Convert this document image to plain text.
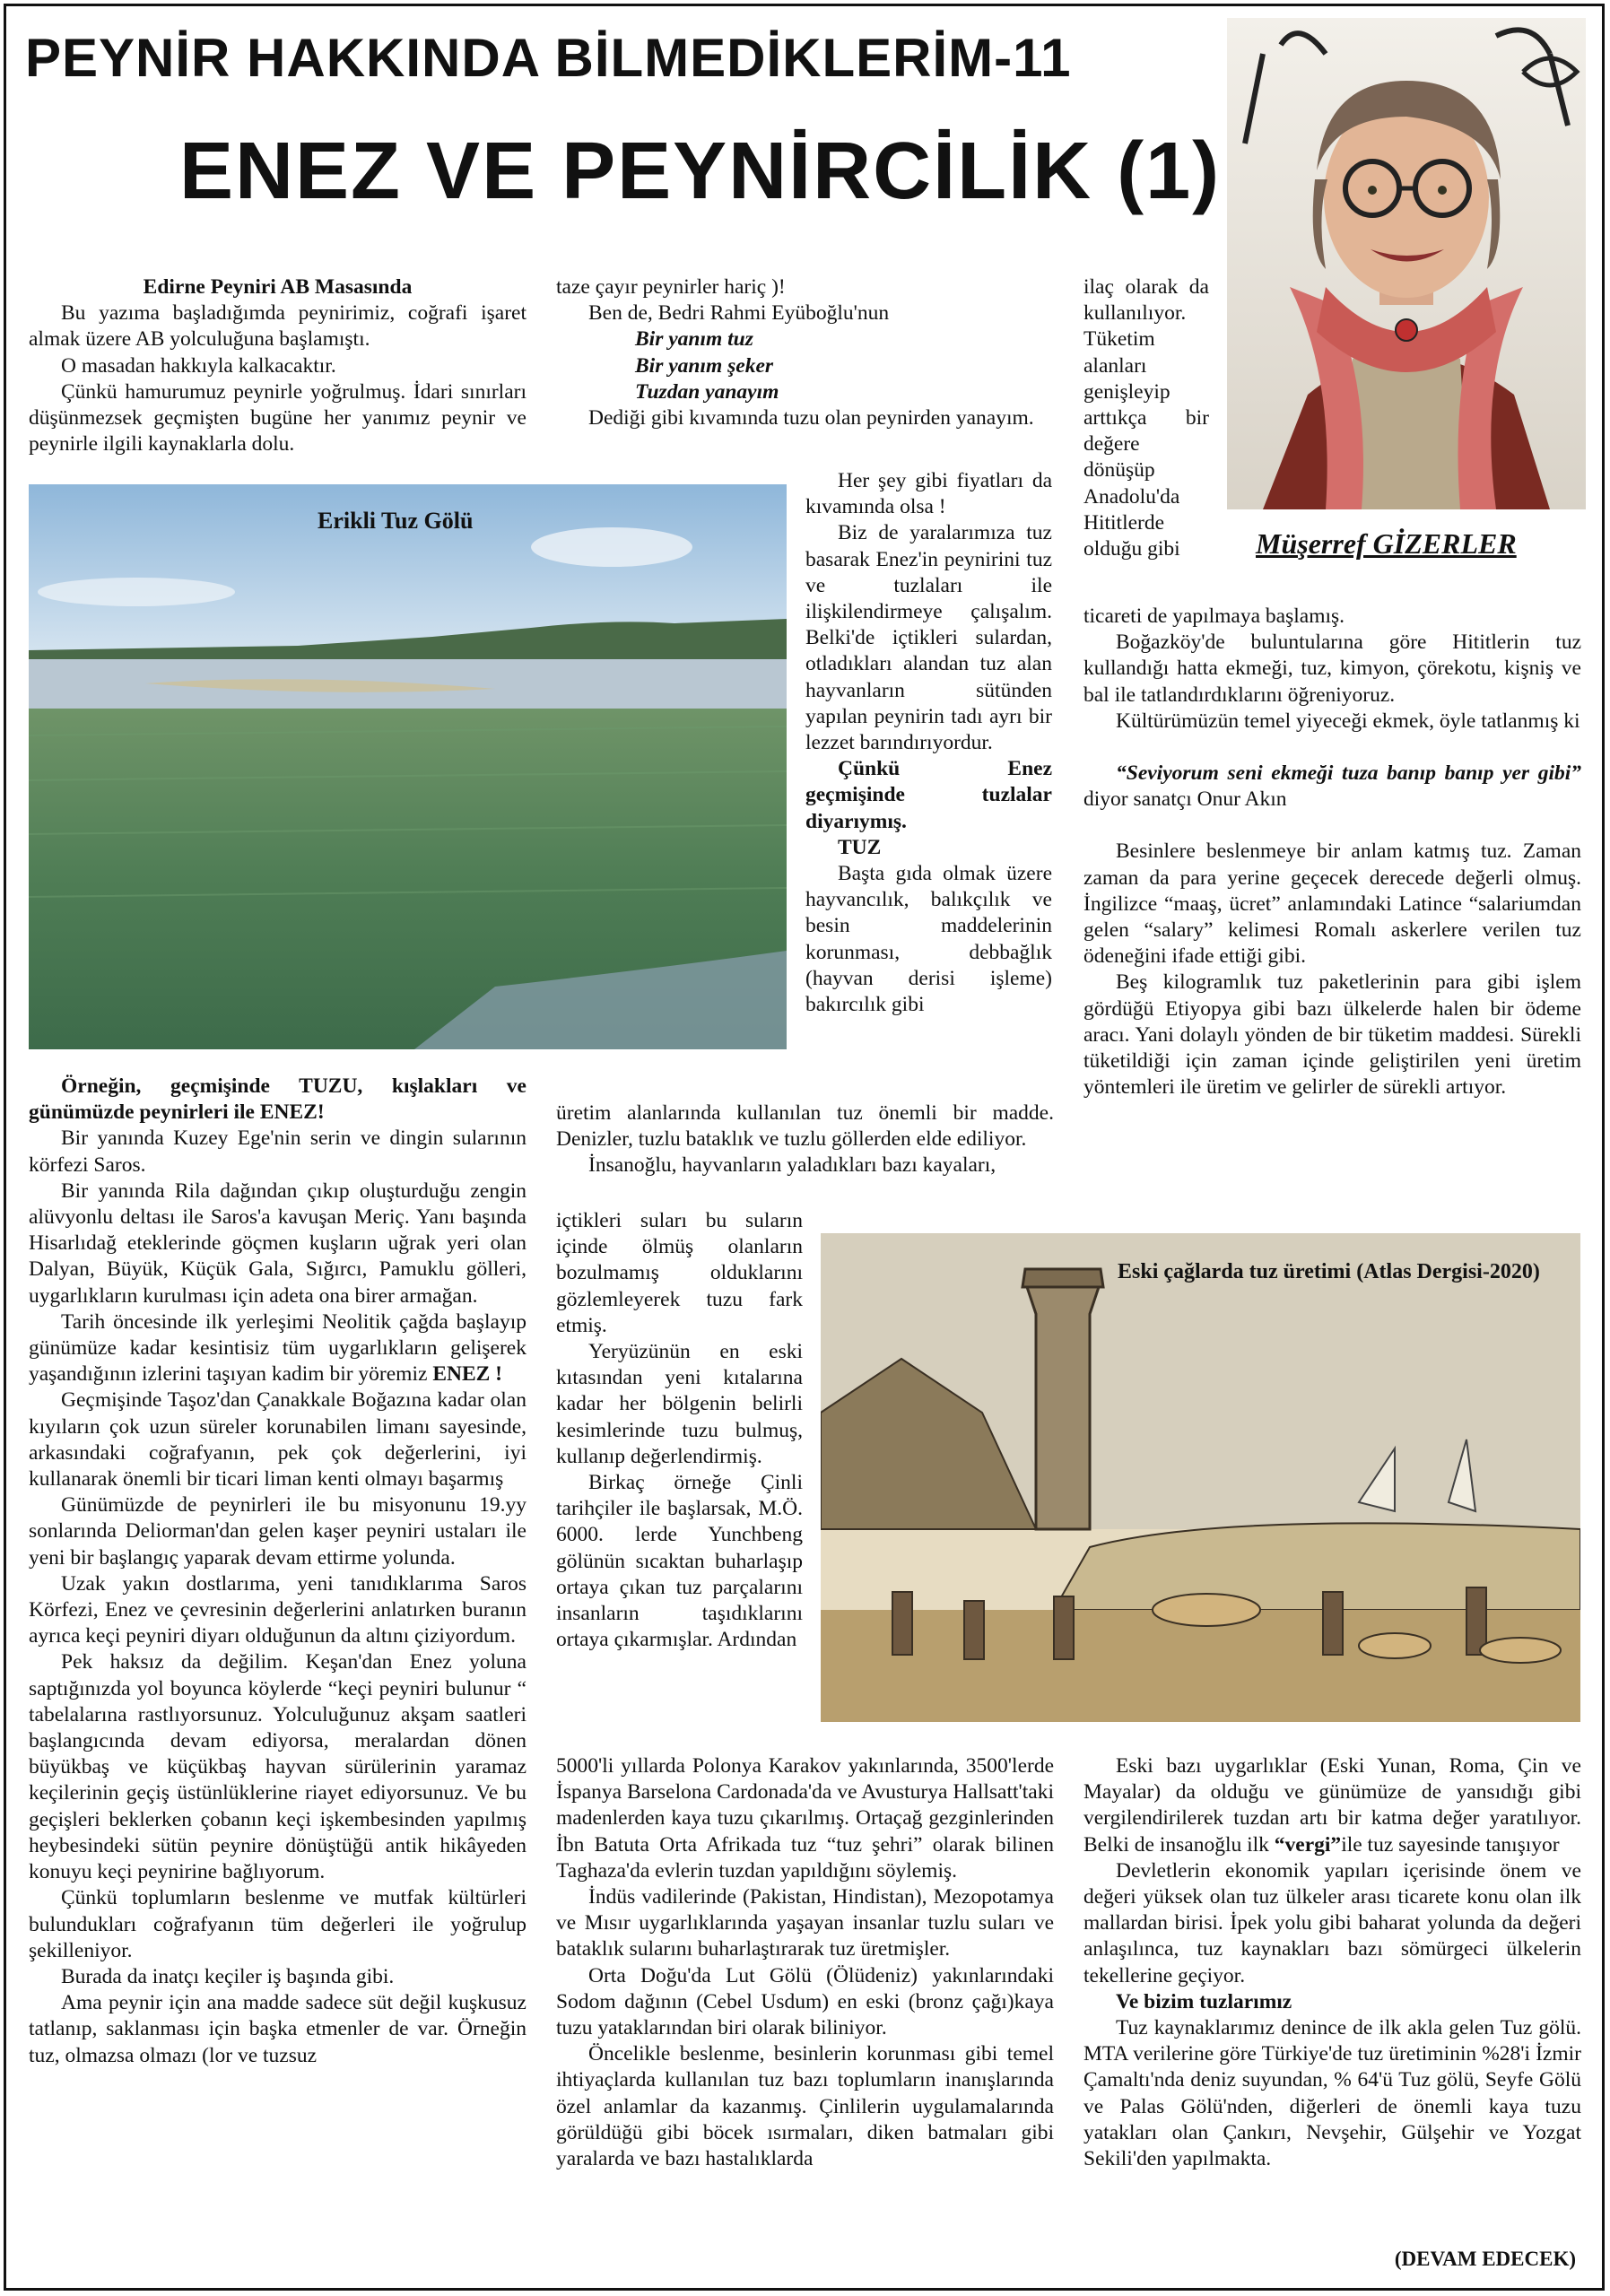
PEYNİR HAKKINDA BİLMEDİKLERİM-11
ENEZ VE PEYNİRCİLİK (1)
Müşerref GİZERLER
Erikli Tuz Gölü
Eski çağlarda tuz üretimi (Atlas Dergisi-2020)

Edirne Peyniri AB Masasında

Bu yazıma başladığımda peynirimiz, coğrafi işaret almak üzere AB yolculuğuna başlamıştı.

O masadan hakkıyla kalkacaktır.

Çünkü hamurumuz peynirle yoğrulmuş. İdari sınırları düşünmezsek geçmişten bugüne her yanımız peynir ve peynirle ilgili kaynaklarla dolu.

Örneğin, geçmişinde TUZU, kışlakları ve günümüzde peynirleri ile ENEZ!

Bir yanında Kuzey Ege'nin serin ve dingin sularının körfezi Saros.

Bir yanında Rila dağından çıkıp oluşturduğu zengin alüvyonlu deltası ile Saros'a kavuşan Meriç. Yanı başında Hisarlıdağ eteklerinde göçmen kuşların uğrak yeri olan Dalyan, Büyük, Küçük Gala, Sığırcı, Pamuklu gölleri, uygarlıkların kurulması için adeta ona birer armağan.

Tarih öncesinde ilk yerleşimi Neolitik çağda başlayıp günümüze kadar kesintisiz tüm uygarlıkların gelişerek yaşandığının izlerini taşıyan kadim bir yöremiz ENEZ !

Geçmişinde Taşoz'dan Çanakkale Boğazına kadar olan kıyıların çok uzun süreler korunabilen limanı sayesinde, arkasındaki coğrafyanın, pek çok değerlerini, iyi kullanarak önemli bir ticari liman kenti olmayı başarmış

Günümüzde de peynirleri ile bu misyonunu 19.yy sonlarında Deliorman'dan gelen kaşer peyniri ustaları ile yeni bir başlangıç yaparak devam ettirme yolunda.

Uzak yakın dostlarıma, yeni tanıdıklarıma Saros Körfezi, Enez ve çevresinin değerlerini anlatırken buranın ayrıca keçi peyniri diyarı olduğunun da altını çiziyordum.

Pek haksız da değilim. Keşan'dan Enez yoluna saptığınızda yol boyunca köylerde “keçi peyniri bulunur “ tabelalarına rastlıyorsunuz. Yolculuğunuz akşam saatleri başlangıcında devam ediyorsa, meralardan dönen büyükbaş ve küçükbaş hayvan sürülerinin yaramaz keçilerinin geçiş üstünlüklerine riayet ediyorsunuz. Ve bu geçişleri beklerken çobanın keçi işkembesinden yapılmış heybesindeki sütün peynire dönüştüğü antik hikâyeden konuyu keçi peynirine bağlıyorum.

Çünkü toplumların beslenme ve mutfak kültürleri bulundukları coğrafyanın tüm değerleri ile yoğrulup şekilleniyor.

Burada da inatçı keçiler iş başında gibi.

Ama peynir için ana madde sadece süt değil kuşkusuz tatlanıp, saklanması için başka etmenler de var. Örneğin tuz, olmazsa olmazı (lor ve tuzsuz

taze çayır peynirler hariç )!

Ben de, Bedri Rahmi Eyüboğlu'nun

Bir yanım tuz

Bir yanım şeker

Tuzdan yanayım

Dediği gibi kıvamında tuzu olan peynirden yanayım.

Her şey gibi fiyatları da kıvamında olsa !

Biz de yaralarımıza tuz basarak Enez'in peynirini tuz ve tuzlaları ile ilişkilendirmeye çalışalım. Belki'de içtikleri sulardan, otladıkları alandan tuz alan hayvanların sütünden yapılan peynirin tadı ayrı bir lezzet barındırıyordur.

Çünkü Enez geçmişinde tuzlalar diyarıymış.

TUZ

Başta gıda olmak üzere hayvancılık, balıkçılık ve besin maddelerinin korunması, debbağlık (hayvan derisi işleme) bakırcılık gibi

üretim alanlarında kullanılan tuz önemli bir madde. Denizler, tuzlu bataklık ve tuzlu göllerden elde ediliyor.

İnsanoğlu, hayvanların yaladıkları bazı kayaları,

içtikleri suları bu suların içinde ölmüş olanların bozulmamış olduklarını gözlemleyerek tuzu fark etmiş.

Yeryüzünün en eski kıtasından yeni kıtalarına kadar her bölgenin belirli kesimlerinde tuzu bulmuş, kullanıp değerlendirmiş.

Birkaç örneğe Çinli tarihçiler ile başlarsak, M.Ö. 6000. lerde Yunchbeng gölünün sıcaktan buharlaşıp ortaya çıkan tuz parçalarını insanların taşıdıklarını ortaya çıkarmışlar. Ardından

5000'li yıllarda Polonya Karakov yakınlarında, 3500'lerde İspanya Barselona Cardonada'da ve Avusturya Hallsatt'taki madenlerden kaya tuzu çıkarılmış. Ortaçağ gezginlerinden İbn Batuta Orta Afrikada tuz “tuz şehri” olarak bilinen Taghaza'da evlerin tuzdan yapıldığını söylemiş.

İndüs vadilerinde (Pakistan, Hindistan), Mezopotamya ve Mısır uygarlıklarında yaşayan insanlar tuzlu suları ve bataklık sularını buharlaştırarak tuz üretmişler.

Orta Doğu'da Lut Gölü (Ölüdeniz) yakınlarındaki Sodom dağının (Cebel Usdum) en eski (bronz çağı)kaya tuzu yataklarından biri olarak biliniyor.

Öncelikle beslenme, besinlerin korunması gibi temel ihtiyaçlarda kullanılan tuz bazı toplumların inanışlarında özel anlamlar da kazanmış. Çinlilerin uygulamalarında görüldüğü gibi böcek ısırmaları, diken batmaları gibi yaralarda ve bazı hastalıklarda

ilaç olarak da kullanılıyor. Tüketim alanları genişleyip arttıkça bir değere dönüşüp Anadolu'da Hititlerde olduğu gibi

ticareti de yapılmaya başlamış.

Boğazköy'de buluntularına göre Hititlerin tuz kullandığı hatta ekmeği, tuz, kimyon, çörekotu, kişniş ve bal ile tatlandırdıklarını öğreniyoruz.

Kültürümüzün temel yiyeceği ekmek, öyle tatlanmış ki

“Seviyorum seni ekmeği tuza banıp banıp yer gibi” diyor sanatçı Onur Akın

Besinlere beslenmeye bir anlam katmış tuz. Zaman zaman da para yerine geçecek derecede değerli olmuş. İngilizce “maaş, ücret” anlamındaki Latince “salariumdan gelen “salary” kelimesi Romalı askerlere verilen tuz ödeneğini ifade ettiği gibi.

Beş kilogramlık tuz paketlerinin para gibi işlem gördüğü Etiyopya gibi bazı ülkelerde halen bir ödeme aracı. Yani dolaylı yönden de bir tüketim maddesi. Sürekli tüketildiği için zaman içinde geliştirilen yeni üretim yöntemleri ile üretim ve gelirler de sürekli artıyor.

Eski bazı uygarlıklar (Eski Yunan, Roma, Çin ve Mayalar) da olduğu ve günümüze de yansıdığı gibi vergilendirilerek tuzdan artı bir katma değer yaratılıyor. Belki de insanoğlu ilk “vergi”ile tuz sayesinde tanışıyor

Devletlerin ekonomik yapıları içerisinde önem ve değeri yüksek olan tuz ülkeler arası ticarete konu olan ilk mallardan birisi. İpek yolu gibi baharat yolunda da değeri anlaşılınca, tuz kaynakları bazı sömürgeci ülkelerin tekellerine geçiyor.

Ve bizim tuzlarımız

Tuz kaynaklarımız denince de ilk akla gelen Tuz gölü. MTA verilerine göre Türkiye'de tuz üretiminin %28'i İzmir Çamaltı'nda deniz suyundan, % 64'ü Tuz gölü, Seyfe Gölü ve Palas Gölü'nden, diğerleri de önemli kaya tuzu yatakları olan Çankırı, Nevşehir, Gülşehir ve Yozgat Sekili'den yapılmakta.

(DEVAM EDECEK)
